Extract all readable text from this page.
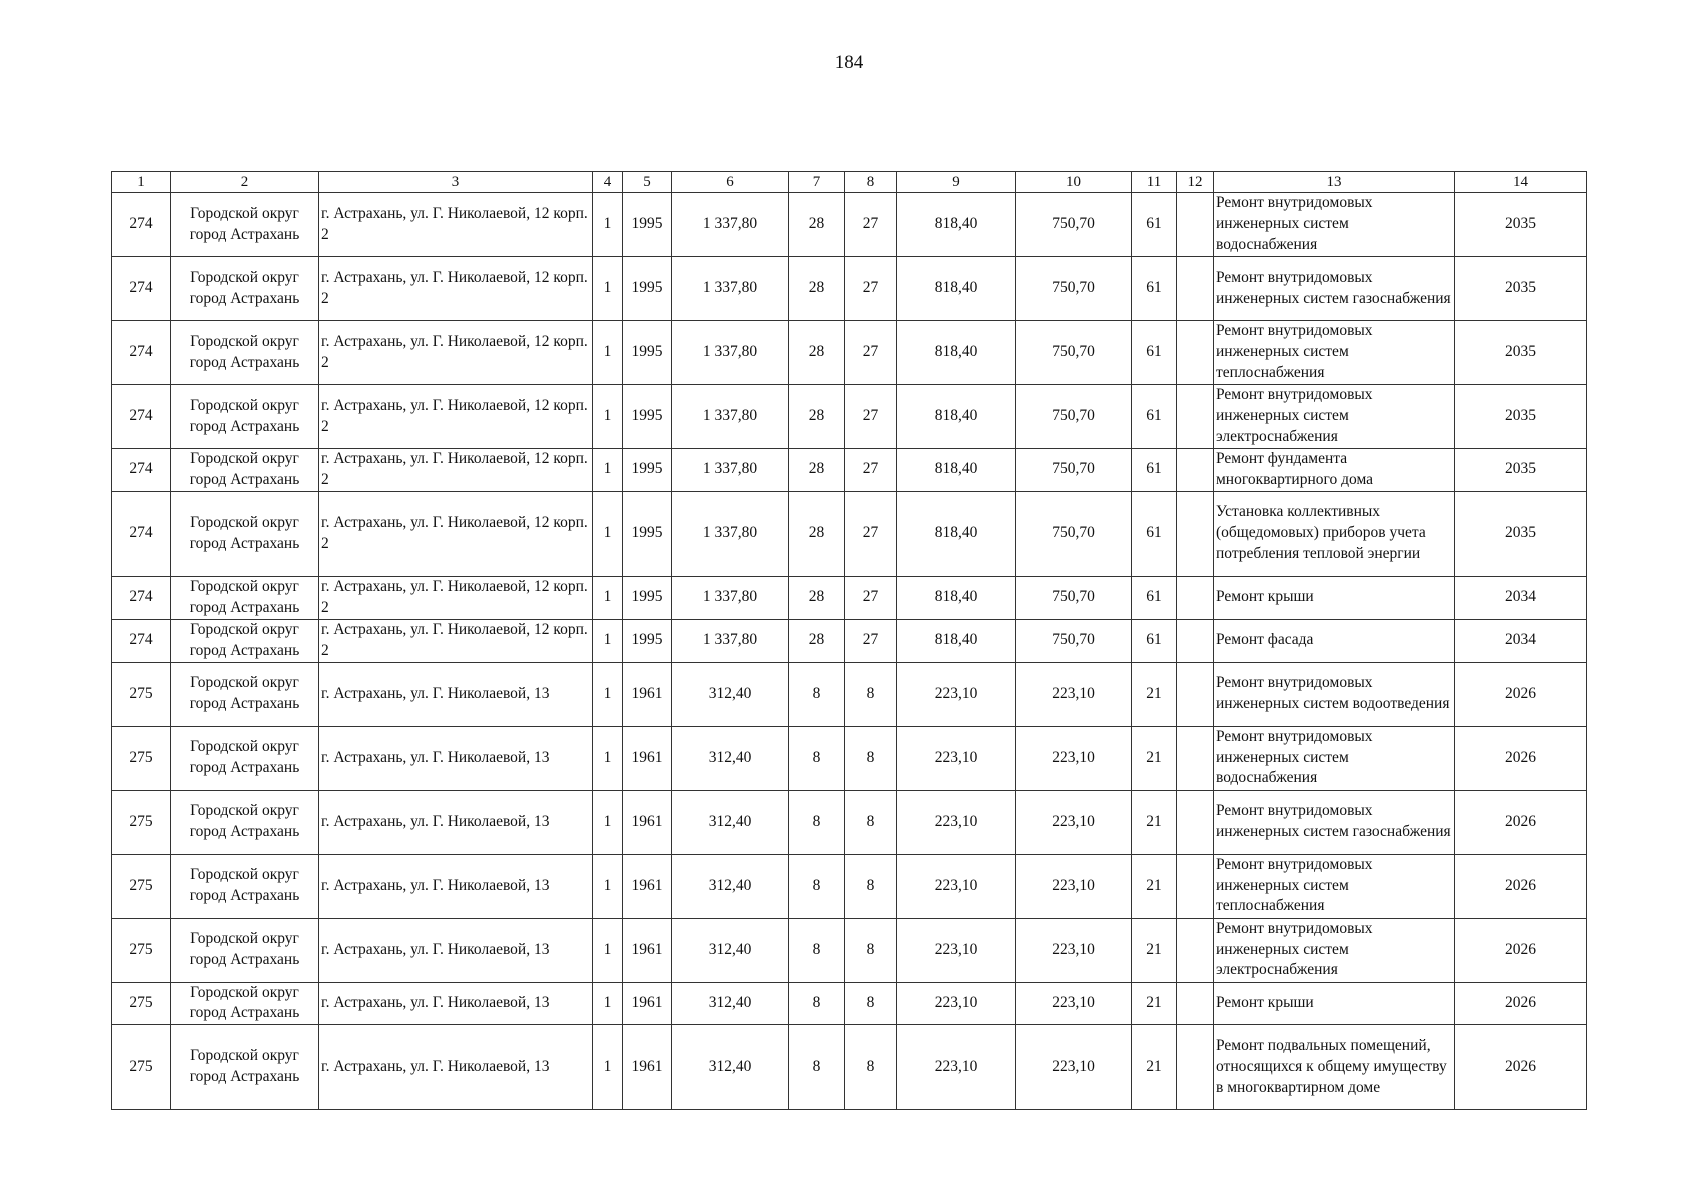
184
1	2	3	4	5	6	7	8	9	10	11	12	13	14
274	Городской округ город Астрахань	г. Астрахань, ул. Г. Николаевой, 12 корп. 2	1	1995	1 337,80	28	27	818,40	750,70	61		Ремонт внутридомовых инженерных систем водоснабжения	2035
274	Городской округ город Астрахань	г. Астрахань, ул. Г. Николаевой, 12 корп. 2	1	1995	1 337,80	28	27	818,40	750,70	61		Ремонт внутридомовых инженерных систем газоснабжения	2035
274	Городской округ город Астрахань	г. Астрахань, ул. Г. Николаевой, 12 корп. 2	1	1995	1 337,80	28	27	818,40	750,70	61		Ремонт внутридомовых инженерных систем теплоснабжения	2035
274	Городской округ город Астрахань	г. Астрахань, ул. Г. Николаевой, 12 корп. 2	1	1995	1 337,80	28	27	818,40	750,70	61		Ремонт внутридомовых инженерных систем электроснабжения	2035
274	Городской округ город Астрахань	г. Астрахань, ул. Г. Николаевой, 12 корп. 2	1	1995	1 337,80	28	27	818,40	750,70	61		Ремонт фундамента многоквартирного дома	2035
274	Городской округ город Астрахань	г. Астрахань, ул. Г. Николаевой, 12 корп. 2	1	1995	1 337,80	28	27	818,40	750,70	61		Установка коллективных (общедомовых) приборов учета потребления тепловой энергии	2035
274	Городской округ город Астрахань	г. Астрахань, ул. Г. Николаевой, 12 корп. 2	1	1995	1 337,80	28	27	818,40	750,70	61		Ремонт крыши	2034
274	Городской округ город Астрахань	г. Астрахань, ул. Г. Николаевой, 12 корп. 2	1	1995	1 337,80	28	27	818,40	750,70	61		Ремонт фасада	2034
275	Городской округ город Астрахань	г. Астрахань, ул. Г. Николаевой, 13	1	1961	312,40	8	8	223,10	223,10	21		Ремонт внутридомовых инженерных систем водоотведения	2026
275	Городской округ город Астрахань	г. Астрахань, ул. Г. Николаевой, 13	1	1961	312,40	8	8	223,10	223,10	21		Ремонт внутридомовых инженерных систем водоснабжения	2026
275	Городской округ город Астрахань	г. Астрахань, ул. Г. Николаевой, 13	1	1961	312,40	8	8	223,10	223,10	21		Ремонт внутридомовых инженерных систем газоснабжения	2026
275	Городской округ город Астрахань	г. Астрахань, ул. Г. Николаевой, 13	1	1961	312,40	8	8	223,10	223,10	21		Ремонт внутридомовых инженерных систем теплоснабжения	2026
275	Городской округ город Астрахань	г. Астрахань, ул. Г. Николаевой, 13	1	1961	312,40	8	8	223,10	223,10	21		Ремонт внутридомовых инженерных систем электроснабжения	2026
275	Городской округ город Астрахань	г. Астрахань, ул. Г. Николаевой, 13	1	1961	312,40	8	8	223,10	223,10	21		Ремонт крыши	2026
275	Городской округ город Астрахань	г. Астрахань, ул. Г. Николаевой, 13	1	1961	312,40	8	8	223,10	223,10	21		Ремонт подвальных помещений, относящихся к общему имуществу в многоквартирном доме	2026
